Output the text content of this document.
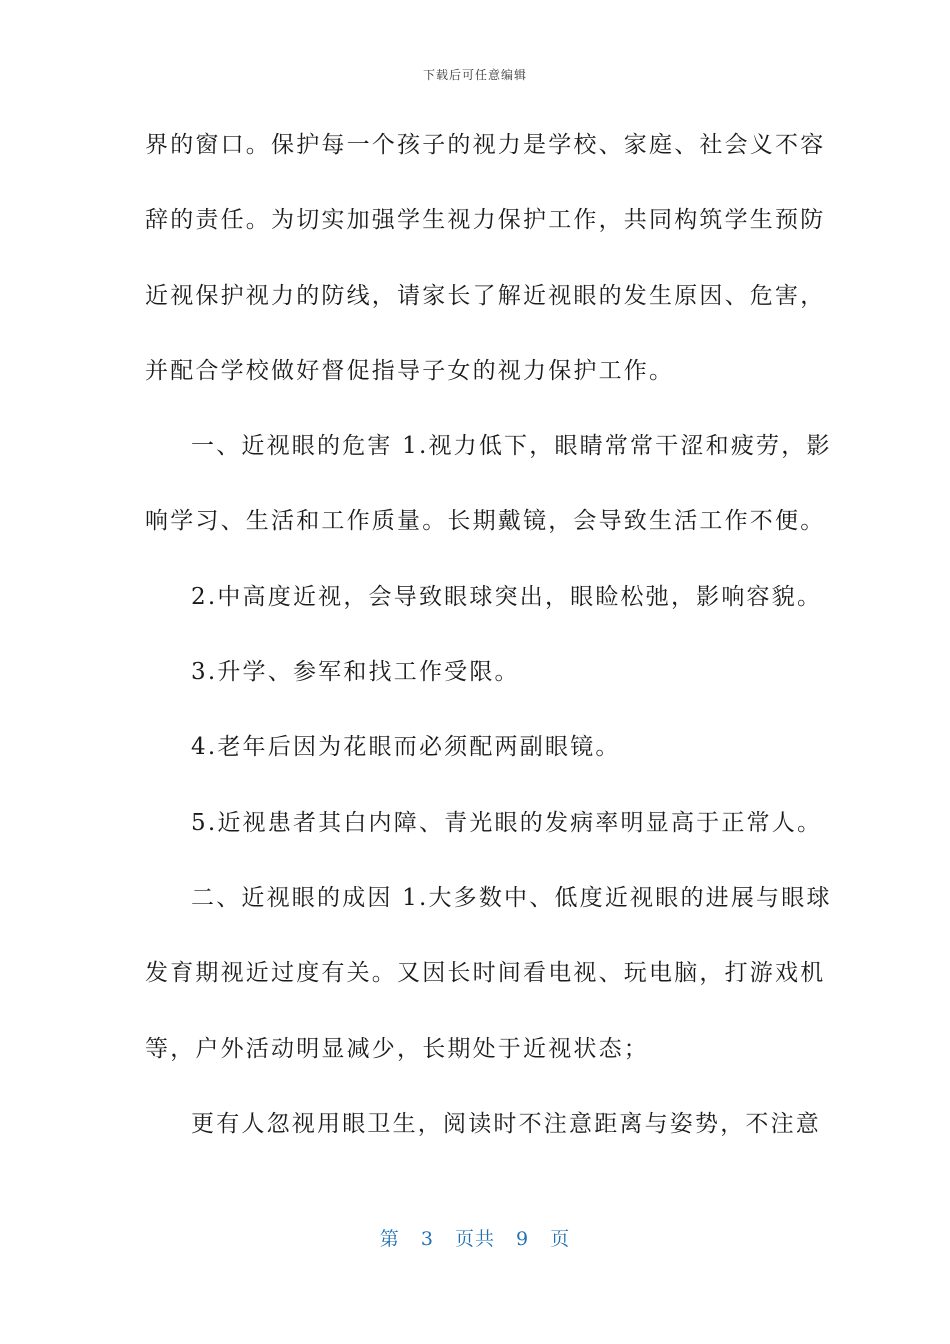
下载后可任意编辑
界的窗口。保护每一个孩子的视力是学校、家庭、社会义不容
辞的责任。为切实加强学生视力保护工作，共同构筑学生预防
近视保护视力的防线，请家长了解近视眼的发生原因、危害，
并配合学校做好督促指导子女的视力保护工作。
一、近视眼的危害 1.视力低下，眼睛常常干涩和疲劳，影
响学习、生活和工作质量。长期戴镜，会导致生活工作不便。
2.中高度近视，会导致眼球突出，眼睑松弛，影响容貌。
3.升学、参军和找工作受限。
4.老年后因为花眼而必须配两副眼镜。
5.近视患者其白内障、青光眼的发病率明显高于正常人。
二、近视眼的成因 1.大多数中、低度近视眼的进展与眼球
发育期视近过度有关。又因长时间看电视、玩电脑，打游戏机
等，户外活动明显减少，长期处于近视状态；
更有人忽视用眼卫生，阅读时不注意距离与姿势，不注意
第 3 页共 9 页
